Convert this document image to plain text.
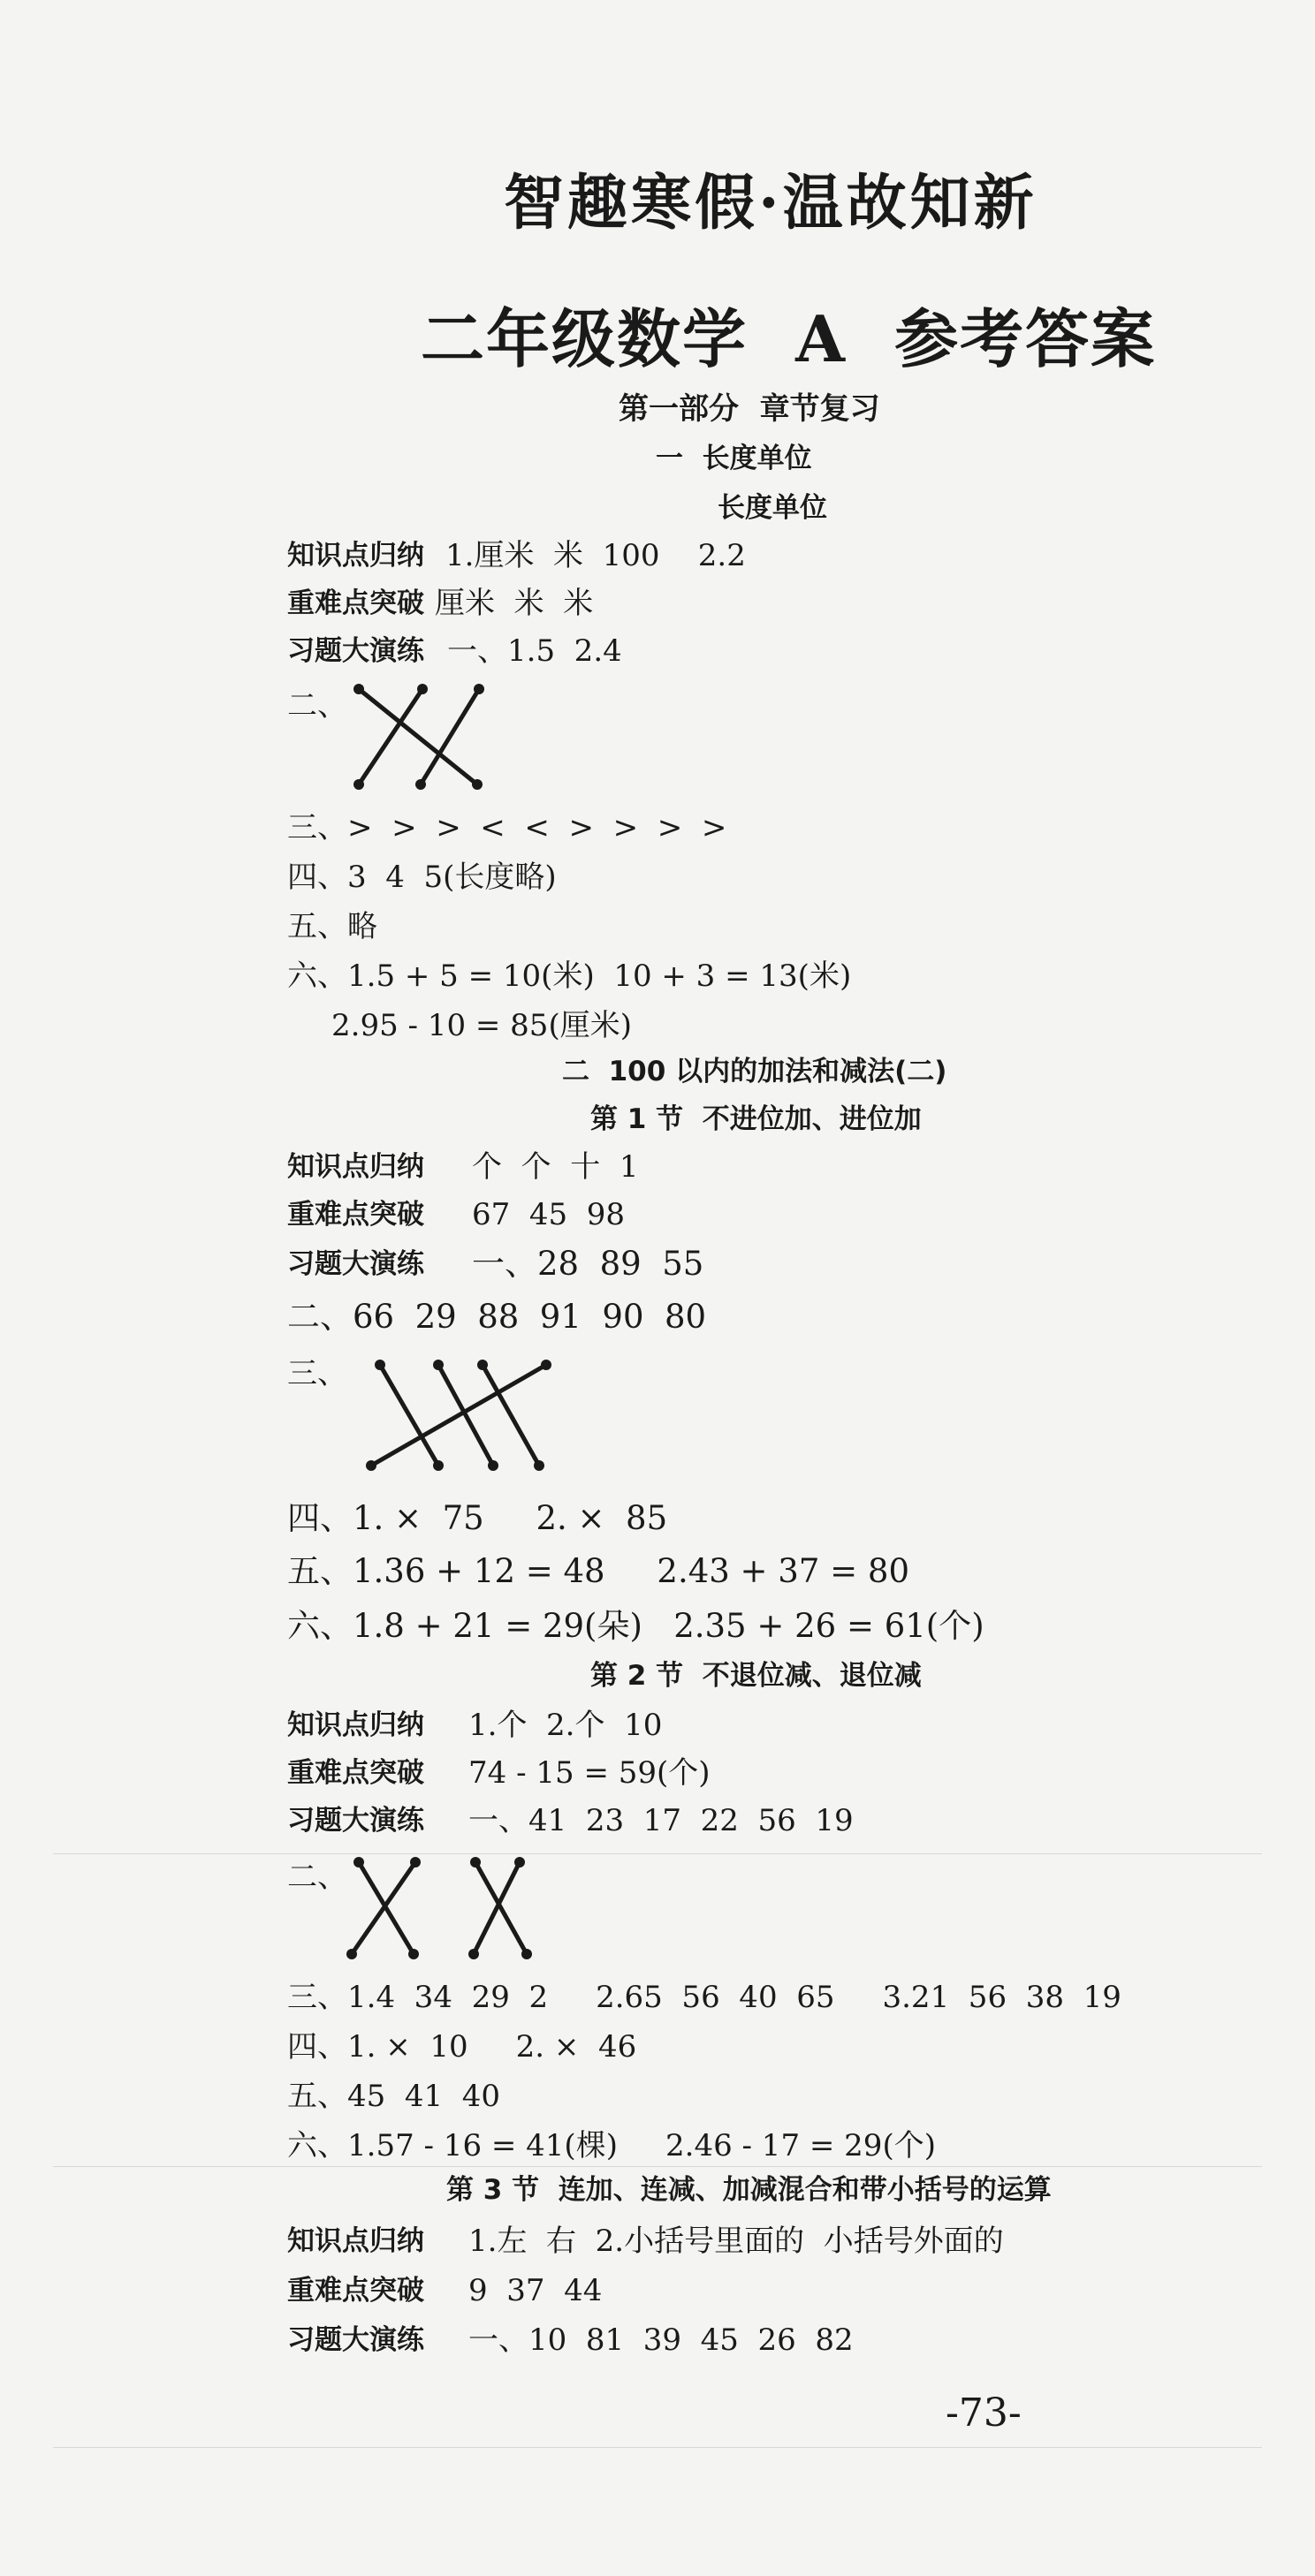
智趣寒假·温故知新
二年级数学  A  参考答案
第一部分  章节复习
一  长度单位
长度单位
知识点归纳 1.厘米  米  100    2.2
重难点突破 厘米  米  米
习题大演练 一、1.5  2.4
二、
三、>  >  >  <  <  >  >  >  >
四、3  4  5(长度略)
五、略
六、1.5 + 5 = 10(米)  10 + 3 = 13(米)
2.95 - 10 = 85(厘米)
二  100 以内的加法和减法(二)
第 1 节  不进位加、进位加
知识点归纳 个  个  十  1
重难点突破 67  45  98
习题大演练 一、28  89  55
二、66  29  88  91  90  80
三、
四、1. ×  75     2. ×  85
五、1.36 + 12 = 48     2.43 + 37 = 80
六、1.8 + 21 = 29(朵)   2.35 + 26 = 61(个)
第 2 节  不退位减、退位减
知识点归纳 1.个  2.个  10
重难点突破 74 - 15 = 59(个)
习题大演练 一、41  23  17  22  56  19
二、
三、1.4  34  29  2     2.65  56  40  65     3.21  56  38  19
四、1. ×  10     2. ×  46
五、45  41  40
六、1.57 - 16 = 41(棵)     2.46 - 17 = 29(个)
第 3 节  连加、连减、加减混合和带小括号的运算
知识点归纳 1.左  右  2.小括号里面的  小括号外面的
重难点突破 9  37  44
习题大演练 一、10  81  39  45  26  82
-73-
